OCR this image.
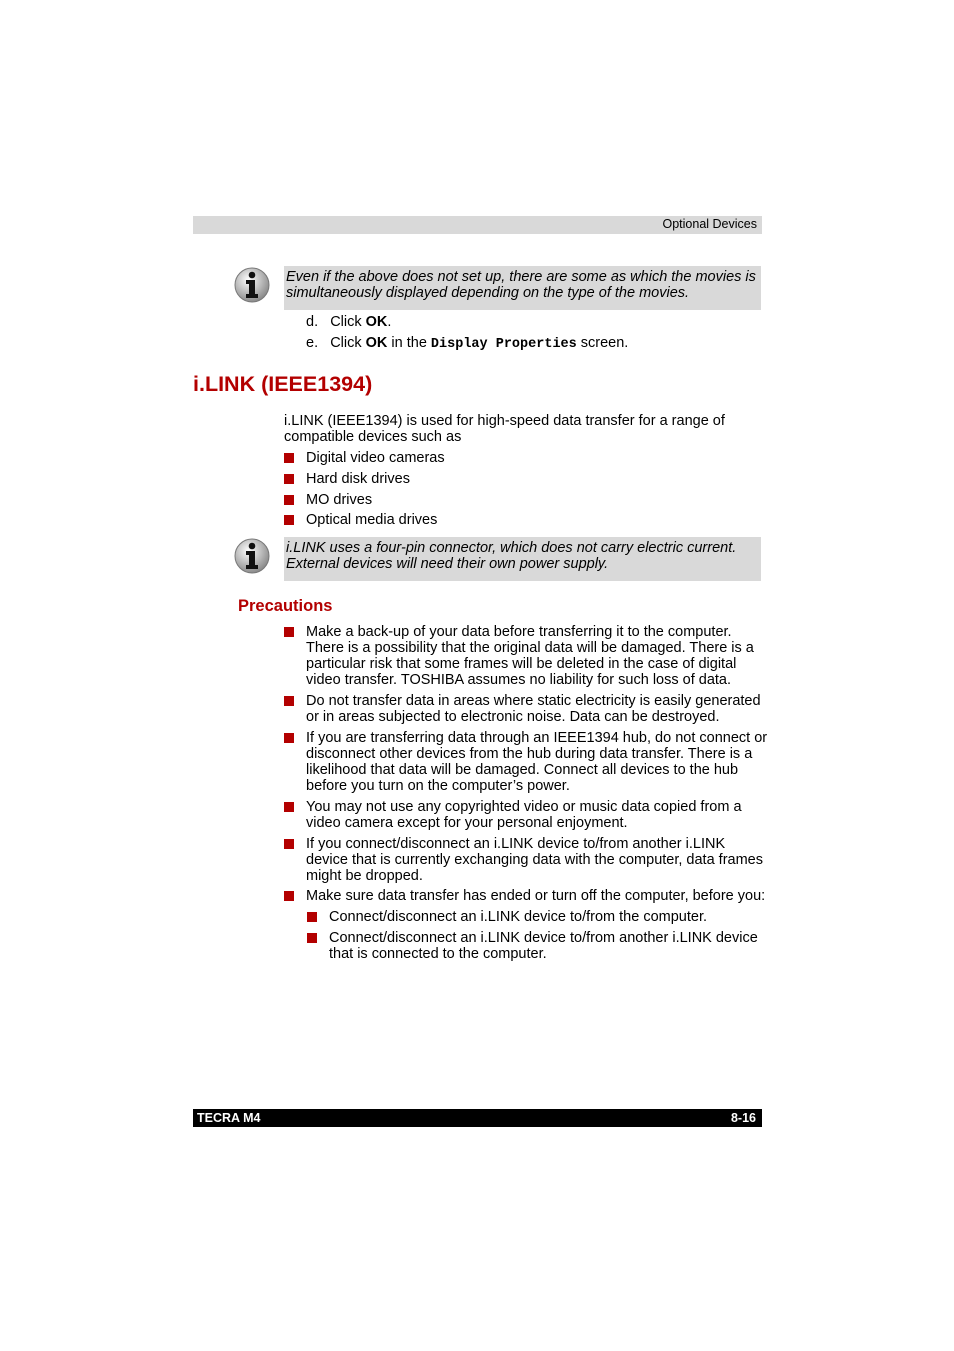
Optional Devices
Even if the above does not set up, there are some as which the movies is
simultaneously displayed depending on the type of the movies.
d. Click OK.
e. Click OK in the Display Properties screen.
i.LINK (IEEE1394)
i.LINK (IEEE1394) is used for high-speed data transfer for a range of
compatible devices such as
Digital video cameras
Hard disk drives
MO drives
Optical media drives
i.LINK uses a four-pin connector, which does not carry electric current.
External devices will need their own power supply.
Precautions
Make a back-up of your data before transferring it to the computer.
There is a possibility that the original data will be damaged. There is a
particular risk that some frames will be deleted in the case of digital
video transfer. TOSHIBA assumes no liability for such loss of data.
Do not transfer data in areas where static electricity is easily generated
or in areas subjected to electronic noise. Data can be destroyed.
If you are transferring data through an IEEE1394 hub, do not connect or
disconnect other devices from the hub during data transfer. There is a
likelihood that data will be damaged. Connect all devices to the hub
before you turn on the computer’s power.
You may not use any copyrighted video or music data copied from a
video camera except for your personal enjoyment.
If you connect/disconnect an i.LINK device to/from another i.LINK
device that is currently exchanging data with the computer, data frames
might be dropped.
Make sure data transfer has ended or turn off the computer, before you:
Connect/disconnect an i.LINK device to/from the computer.
Connect/disconnect an i.LINK device to/from another i.LINK device
that is connected to the computer.
TECRA M4	8-16
